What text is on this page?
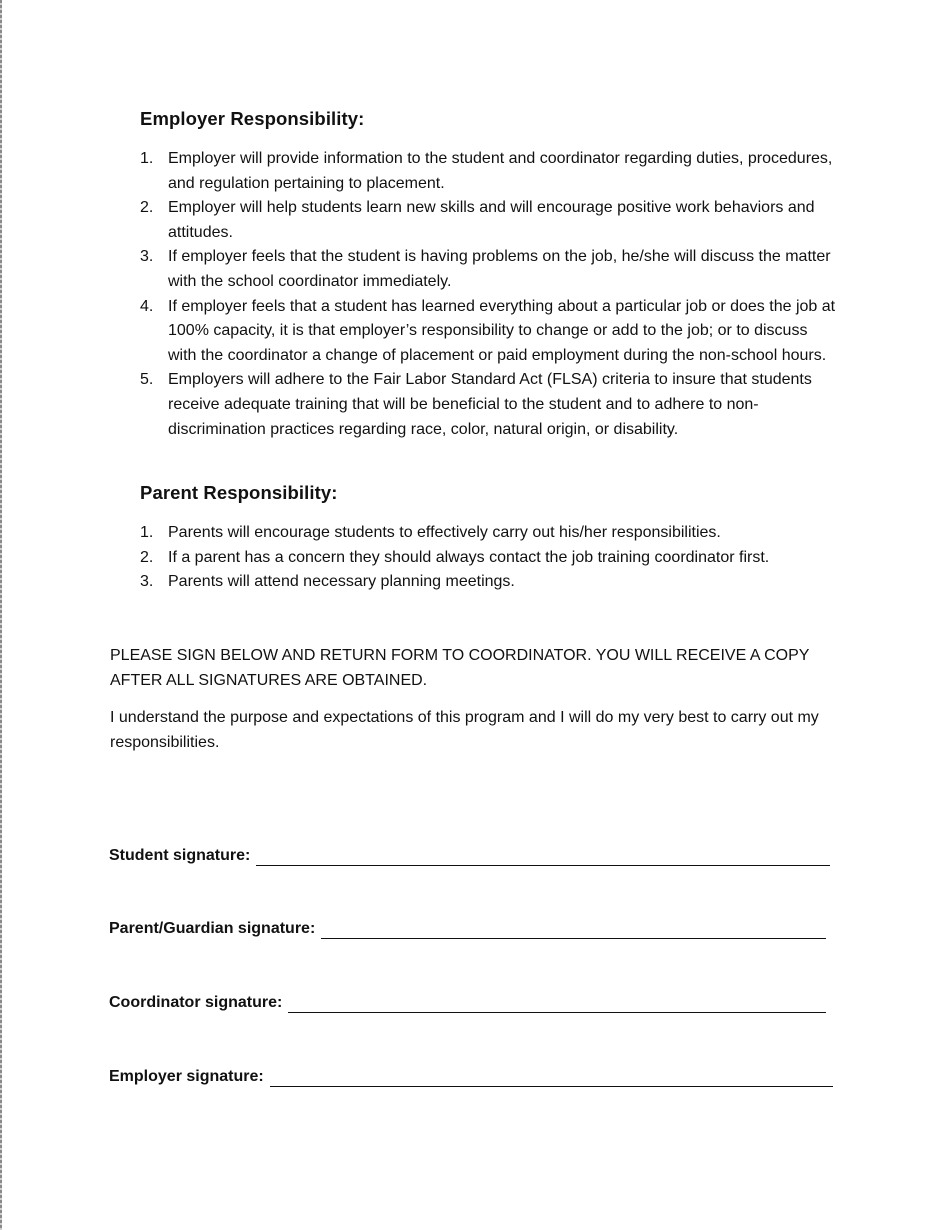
Employer Responsibility:
1. Employer will provide information to the student and coordinator regarding duties, procedures, and regulation pertaining to placement.
2. Employer will help students learn new skills and will encourage positive work behaviors and attitudes.
3. If employer feels that the student is having problems on the job, he/she will discuss the matter with the school coordinator immediately.
4. If employer feels that a student has learned everything about a particular job or does the job at 100% capacity, it is that employer’s responsibility to change or add to the job; or to discuss with the coordinator a change of placement or paid employment during the non-school hours.
5. Employers will adhere to the Fair Labor Standard Act (FLSA) criteria to insure that students receive adequate training that will be beneficial to the student and to adhere to non-discrimination practices regarding race, color, natural origin, or disability.
Parent Responsibility:
1. Parents will encourage students to effectively carry out his/her responsibilities.
2. If a parent has a concern they should always contact the job training coordinator first.
3. Parents will attend necessary planning meetings.

PLEASE SIGN BELOW AND RETURN FORM TO COORDINATOR. YOU WILL RECEIVE A COPY AFTER ALL SIGNATURES ARE OBTAINED.

I understand the purpose and expectations of this program and I will do my very best to carry out my responsibilities.

Student signature:
Parent/Guardian signature:
Coordinator signature:
Employer signature:
